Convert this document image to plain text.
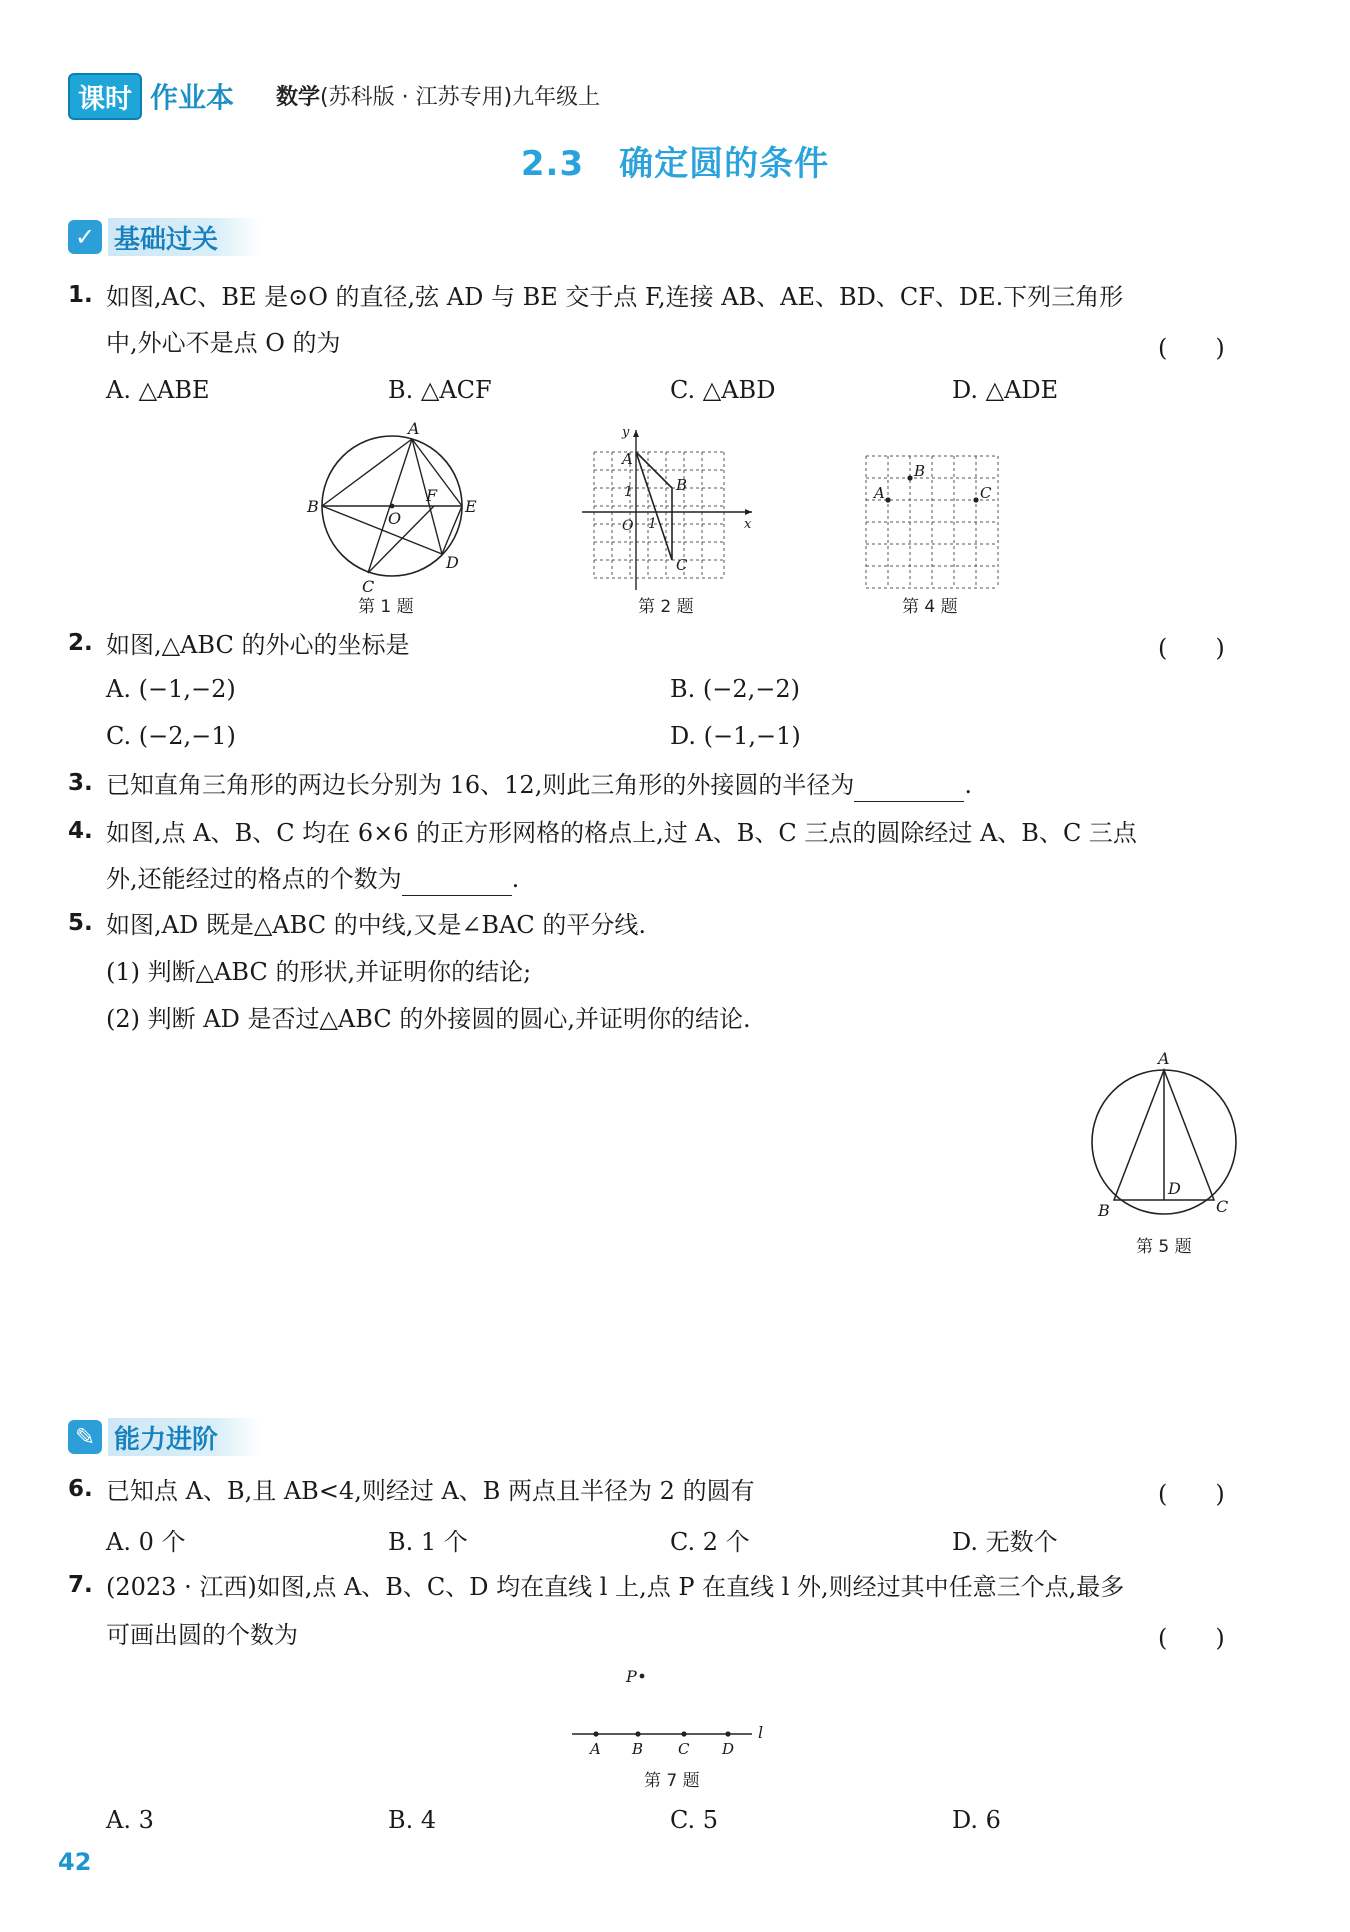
课时 作业本 数学(苏科版 · 江苏专用)九年级上
2.3　确定圆的条件
✓ 基础过关
1. 如图,AC、BE 是⊙O 的直径,弦 AD 与 BE 交于点 F,连接 AB、AE、BD、CF、DE.下列三角形
中,外心不是点 O 的为	(　　)
A. △ABE	B. △ACF	C. △ABD	D. △ADE
A
B
C
D
E
F
O
第 1 题
x
y
A
B
C
O 1
1
第 2 题
A
B
C
第 4 题
2. 如图,△ABC 的外心的坐标是	(　　)
A. (−1,−2)	B. (−2,−2)
C. (−2,−1)	D. (−1,−1)
3. 已知直角三角形的两边长分别为 16、12,则此三角形的外接圆的半径为	.
4. 如图,点 A、B、C 均在 6×6 的正方形网格的格点上,过 A、B、C 三点的圆除经过 A、B、C 三点
外,还能经过的格点的个数为	.
5. 如图,AD 既是△ABC 的中线,又是∠BAC 的平分线.
(1) 判断△ABC 的形状,并证明你的结论;
(2) 判断 AD 是否过△ABC 的外接圆的圆心,并证明你的结论.
A
B	C
D
第 5 题
✎ 能力进阶
6. 已知点 A、B,且 AB<4,则经过 A、B 两点且半径为 2 的圆有	(　　)
A. 0 个	B. 1 个	C. 2 个	D. 无数个
7. (2023 · 江西)如图,点 A、B、C、D 均在直线 l 上,点 P 在直线 l 外,则经过其中任意三个点,最多
可画出圆的个数为	(　　)
P
A B C D
l
第 7 题
A. 3	B. 4	C. 5	D. 6
42
